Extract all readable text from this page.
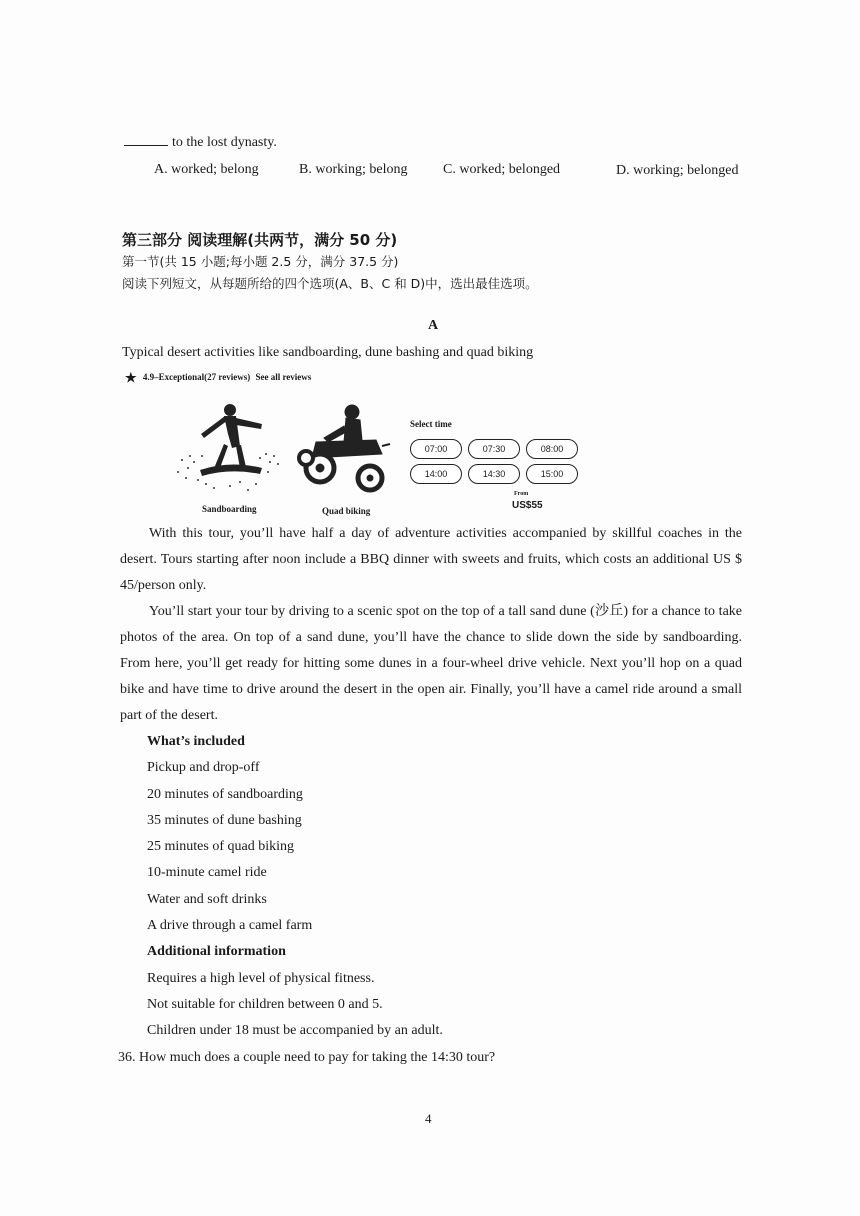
to the lost dynasty.
A. worked; belong	B. working; belong	C. worked; belonged	D. working; belonged
第三部分 阅读理解(共两节，满分 50 分)
第一节(共 15 小题;每小题 2.5 分，满分 37.5 分)
阅读下列短文，从每题所给的四个选项(A、B、C 和 D)中，选出最佳选项。
A
Typical desert activities like sandboarding, dune bashing and quad biking
★ 4.9–Exceptional(27 reviews) See all reviews
Sandboarding	Quad biking
Select time
07:00	07:30	08:00
14:00	14:30	15:00
From
US$55
With this tour, you’ll have half a day of adventure activities accompanied by skillful coaches in the desert. Tours starting after noon include a BBQ dinner with sweets and fruits, which costs an additional US $ 45/person only.
You’ll start your tour by driving to a scenic spot on the top of a tall sand dune (沙丘) for a chance to take photos of the area. On top of a sand dune, you’ll have the chance to slide down the side by sandboarding. From here, you’ll get ready for hitting some dunes in a four-wheel drive vehicle. Next you’ll hop on a quad bike and have time to drive around the desert in the open air. Finally, you’ll have a camel ride around a small part of the desert.
What’s included
Pickup and drop-off
20 minutes of sandboarding
35 minutes of dune bashing
25 minutes of quad biking
10-minute camel ride
Water and soft drinks
A drive through a camel farm
Additional information
Requires a high level of physical fitness.
Not suitable for children between 0 and 5.
Children under 18 must be accompanied by an adult.
36. How much does a couple need to pay for taking the 14:30 tour?
4
